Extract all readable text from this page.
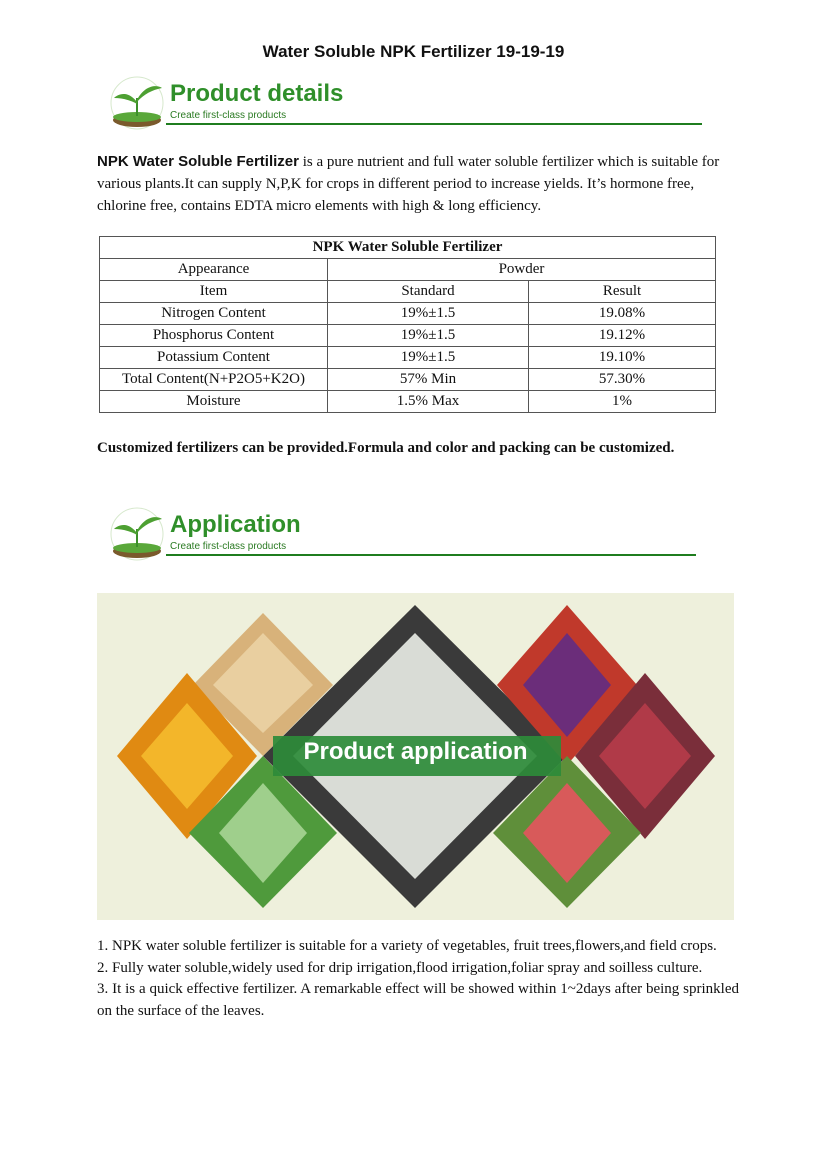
Water Soluble NPK Fertilizer 19-19-19
Product details
Create first-class products
NPK Water Soluble Fertilizer is a pure nutrient and full water soluble fertilizer which is suitable for various plants.It can supply N,P,K for crops in different period to increase yields. It’s hormone free, chlorine free, contains EDTA micro elements with high & long efficiency.
NPK Water Soluble Fertilizer		
Appearance	Powder	
Item	Standard	Result
Nitrogen Content	19%±1.5	19.08%
Phosphorus Content	19%±1.5	19.12%
Potassium Content	19%±1.5	19.10%
Total Content(N+P2O5+K2O)	57% Min	57.30%
Moisture	1.5% Max	1%
Customized fertilizers can be provided.Formula and color and packing can be customized.
Application
Create first-class products
Product application

1. NPK water soluble fertilizer is suitable for a variety of vegetables, fruit trees,flowers,and field crops.

2. Fully water soluble,widely used for drip irrigation,flood irrigation,foliar spray and soilless culture.

3. It is a quick effective fertilizer. A remarkable effect will be showed within 1~2days after being sprinkled on the surface of the leaves.
